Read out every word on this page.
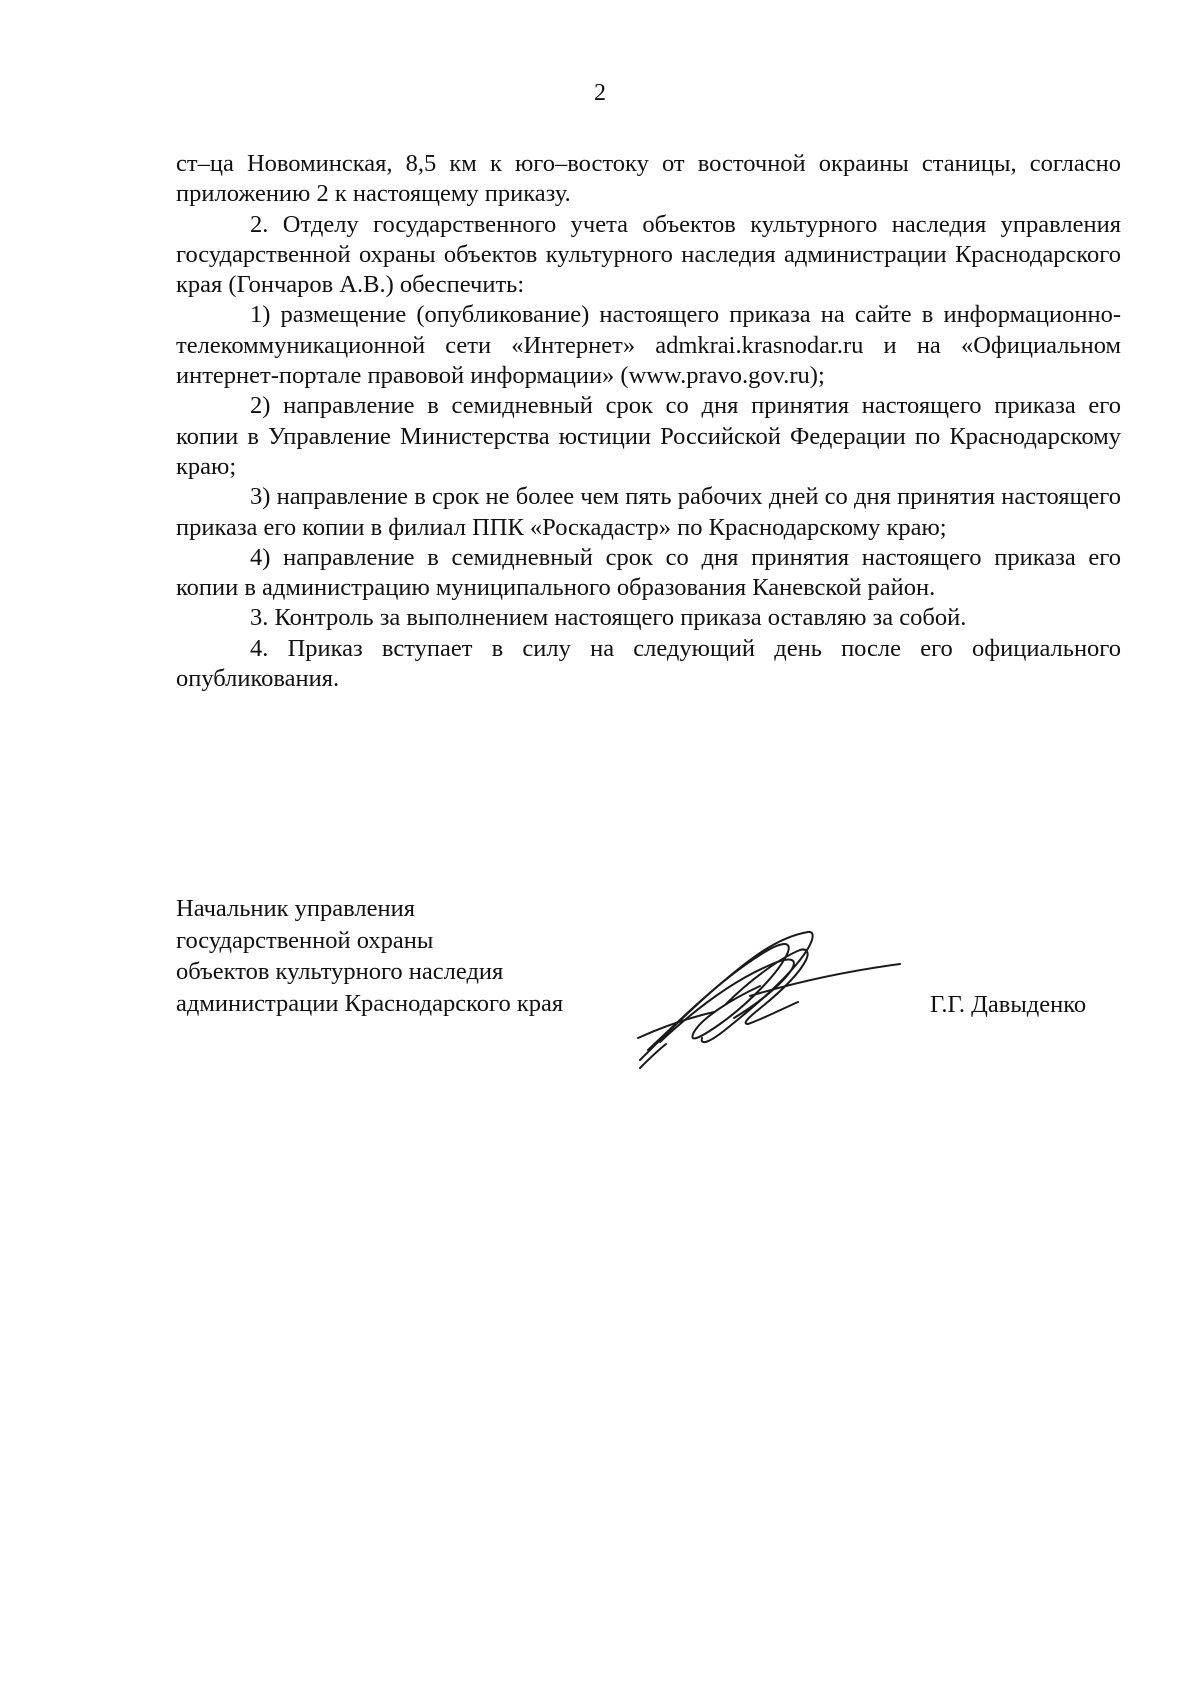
2

ст–ца Новоминская, 8,5 км к юго–востоку от восточной окраины станицы, согласно приложению 2 к настоящему приказу.

2. Отделу государственного учета объектов культурного наследия управления государственной охраны объектов культурного наследия администрации Краснодарского края (Гончаров А.В.) обеспечить:

1) размещение (опубликование) настоящего приказа на сайте в информационно-телекоммуникационной сети «Интернет» admkrai.krasnodar.ru и на «Официальном интернет-портале правовой информации» (www.pravo.gov.ru);

2) направление в семидневный срок со дня принятия настоящего приказа его копии в Управление Министерства юстиции Российской Федерации по Краснодарскому краю;

3) направление в срок не более чем пять рабочих дней со дня принятия настоящего приказа его копии в филиал ППК «Роскадастр» по Краснодарскому краю;

4) направление в семидневный срок со дня принятия настоящего приказа его копии в администрацию муниципального образования Каневской район.

3. Контроль за выполнением настоящего приказа оставляю за собой.

4. Приказ вступает в силу на следующий день после его официального опубликования.

Начальник управления
государственной охраны
объектов культурного наследия
администрации Краснодарского края	Г.Г. Давыденко
